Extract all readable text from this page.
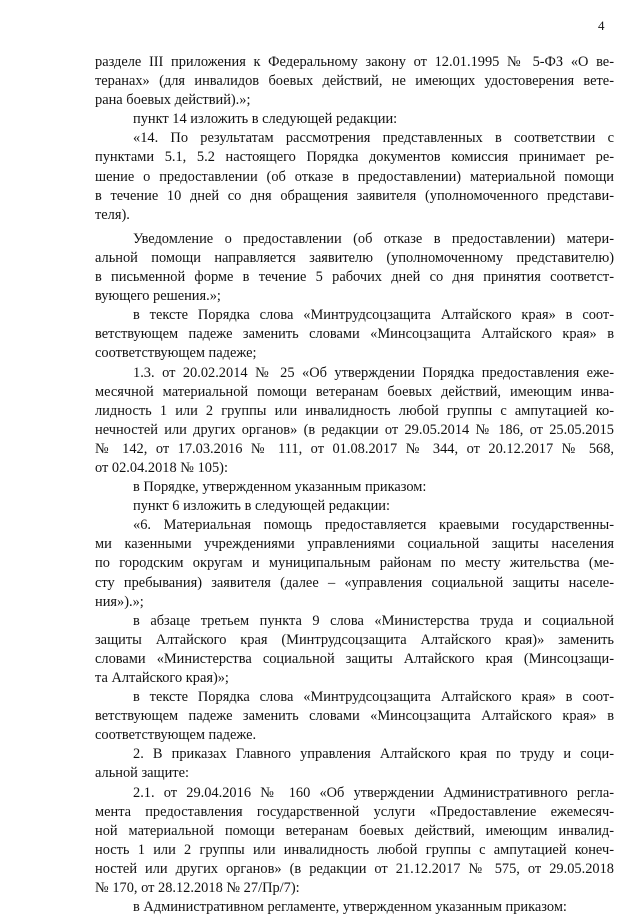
4
разделе III приложения к Федеральному закону от 12.01.1995 № 5-ФЗ «О ве-
теранах» (для инвалидов боевых действий, не имеющих удостоверения вете-
рана боевых действий).»;
пункт 14 изложить в следующей редакции:
«14. По результатам рассмотрения представленных в соответствии с
пунктами 5.1, 5.2 настоящего Порядка документов комиссия принимает ре-
шение о предоставлении (об отказе в предоставлении) материальной помощи
в течение 10 дней со дня обращения заявителя (уполномоченного представи-
теля).
Уведомление о предоставлении (об отказе в предоставлении) матери-
альной помощи направляется заявителю (уполномоченному представителю)
в письменной форме в течение 5 рабочих дней со дня принятия соответст-
вующего решения.»;
в тексте Порядка слова «Минтрудсоцзащита Алтайского края» в соот-
ветствующем падеже заменить словами «Минсоцзащита Алтайского края» в
соответствующем падеже;
1.3. от 20.02.2014 № 25 «Об утверждении Порядка предоставления еже-
месячной материальной помощи ветеранам боевых действий, имеющим инва-
лидность 1 или 2 группы или инвалидность любой группы с ампутацией ко-
нечностей или других органов» (в редакции от 29.05.2014 № 186, от 25.05.2015
№ 142, от 17.03.2016 № 111, от 01.08.2017 № 344, от 20.12.2017 № 568,
от 02.04.2018 № 105):
в Порядке, утвержденном указанным приказом:
пункт 6 изложить в следующей редакции:
«6. Материальная помощь предоставляется краевыми государственны-
ми казенными учреждениями управлениями социальной защиты населения
по городским округам и муниципальным районам по месту жительства (ме-
сту пребывания) заявителя (далее – «управления социальной защиты населе-
ния»).»;
в абзаце третьем пункта 9 слова «Министерства труда и социальной
защиты Алтайского края (Минтрудсоцзащита Алтайского края)» заменить
словами «Министерства социальной защиты Алтайского края (Минсоцзащи-
та Алтайского края)»;
в тексте Порядка слова «Минтрудсоцзащита Алтайского края» в соот-
ветствующем падеже заменить словами «Минсоцзащита Алтайского края» в
соответствующем падеже.
2. В приказах Главного управления Алтайского края по труду и соци-
альной защите:
2.1. от 29.04.2016 № 160 «Об утверждении Административного регла-
мента предоставления государственной услуги «Предоставление ежемесяч-
ной материальной помощи ветеранам боевых действий, имеющим инвалид-
ность 1 или 2 группы или инвалидность любой группы с ампутацией конеч-
ностей или других органов» (в редакции от 21.12.2017 № 575, от 29.05.2018
№ 170, от 28.12.2018 № 27/Пр/7):
в Административном регламенте, утвержденном указанным приказом:
